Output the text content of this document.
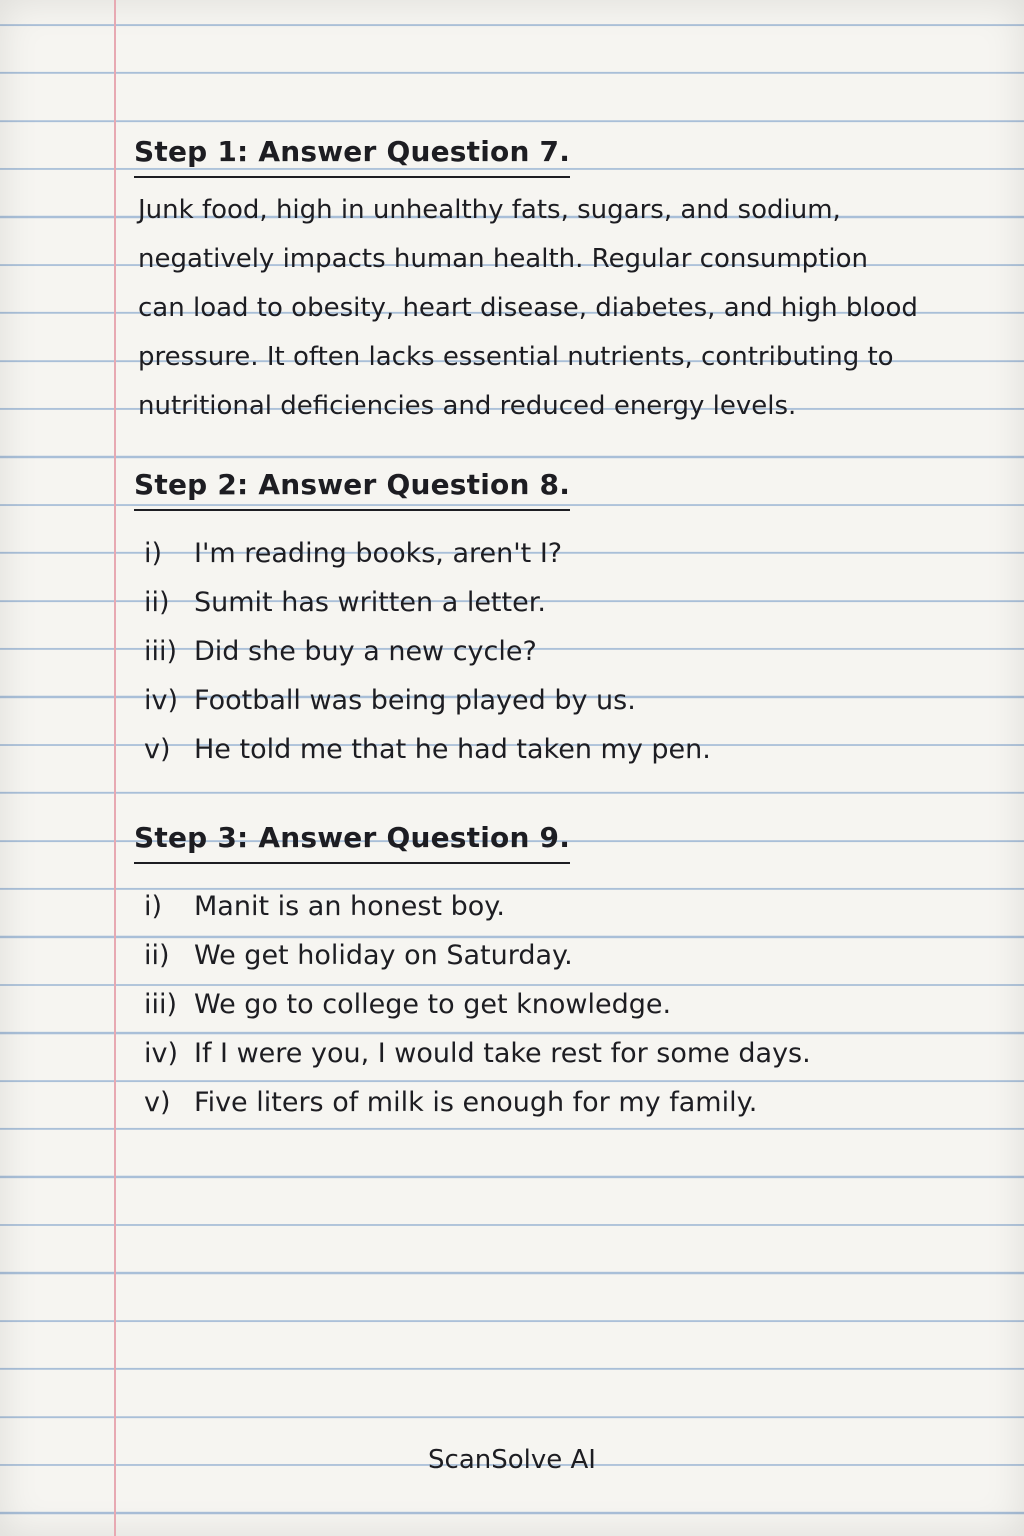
Step 1: Answer Question 7.

Junk food, high in unhealthy fats, sugars, and sodium, negatively impacts human health. Regular consumption can load to obesity, heart disease, diabetes, and high blood pressure. It often lacks essential nutrients, contributing to nutritional deficiencies and reduced energy levels.

Step 2: Answer Question 8.
i)	I'm reading books, aren't I?
ii) Sumit has written a letter.
iii) Did she buy a new cycle?
iv) Football was being played by us.
v) He told me that he had taken my pen.
Step 3: Answer Question 9.
i)	Manit is an honest boy.
ii) We get holiday on Saturday.
iii) We go to college to get knowledge.
iv) If I were you, I would take rest for some days.
v) Five liters of milk is enough for my family.
ScanSolve AI
